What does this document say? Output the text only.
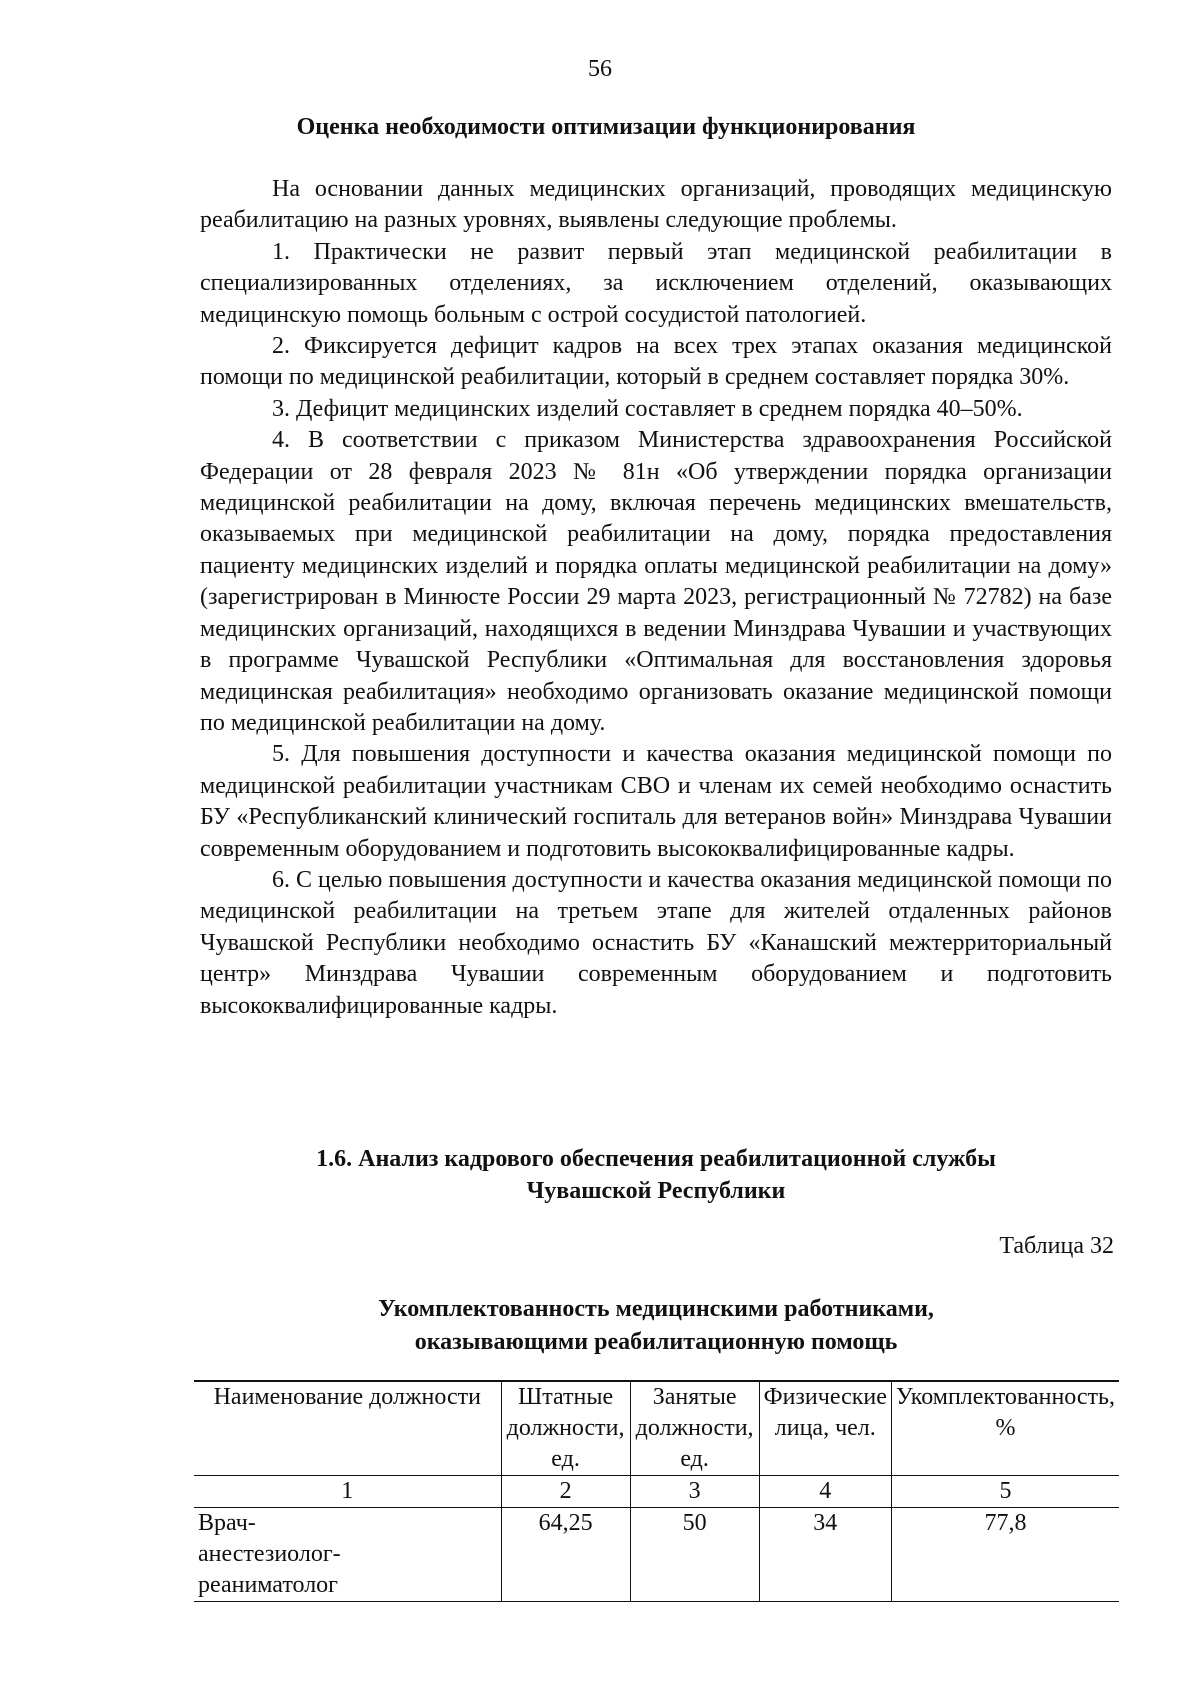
56
Оценка необходимости оптимизации функционирования

На основании данных медицинских организаций, проводящих медицинскую реабилитацию на разных уровнях, выявлены следующие проблемы.

1. Практически не развит первый этап медицинской реабилитации в специализированных отделениях, за исключением отделений, оказывающих медицинскую помощь больным с острой сосудистой патологией.

2. Фиксируется дефицит кадров на всех трех этапах оказания медицинской помощи по медицинской реабилитации, который в среднем составляет порядка 30%.

3. Дефицит медицинских изделий составляет в среднем порядка 40–50%.

4. В соответствии с приказом Министерства здравоохранения Российской Федерации от 28 февраля 2023 № 81н «Об утверждении порядка организации медицинской реабилитации на дому, включая перечень медицинских вмешательств, оказываемых при медицинской реабилитации на дому, порядка предоставления пациенту медицинских изделий и порядка оплаты медицинской реабилитации на дому» (зарегистрирован в Минюсте России 29 марта 2023, регистрационный № 72782) на базе медицинских организаций, находящихся в ведении Минздрава Чувашии и участвующих в программе Чувашской Республики «Оптимальная для восстановления здоровья медицинская реабилитация» необходимо организовать оказание медицинской помощи по медицинской реабилитации на дому.

5. Для повышения доступности и качества оказания медицинской помощи по медицинской реабилитации участникам СВО и членам их семей необходимо оснастить БУ «Республиканский клинический госпиталь для ветеранов войн» Минздрава Чувашии современным оборудованием и подготовить высококвалифицированные кадры.

6. С целью повышения доступности и качества оказания медицинской помощи по медицинской реабилитации на третьем этапе для жителей отдаленных районов Чувашской Республики необходимо оснастить БУ «Канашский межтерриториальный центр» Минздрава Чувашии современным оборудованием и подготовить высококвалифицированные кадры.

1.6. Анализ кадрового обеспечения реабилитационной службы
Чувашской Республики
Таблица 32
Укомплектованность медицинскими работниками,
оказывающими реабилитационную помощь
Наименование должности	Штатные должности, ед.	Занятые должности, ед.	Физические лица, чел.	Укомплектованность, %
1	2	3	4	5
Врач-анестезиолог-реаниматолог	64,25	50	34	77,8
